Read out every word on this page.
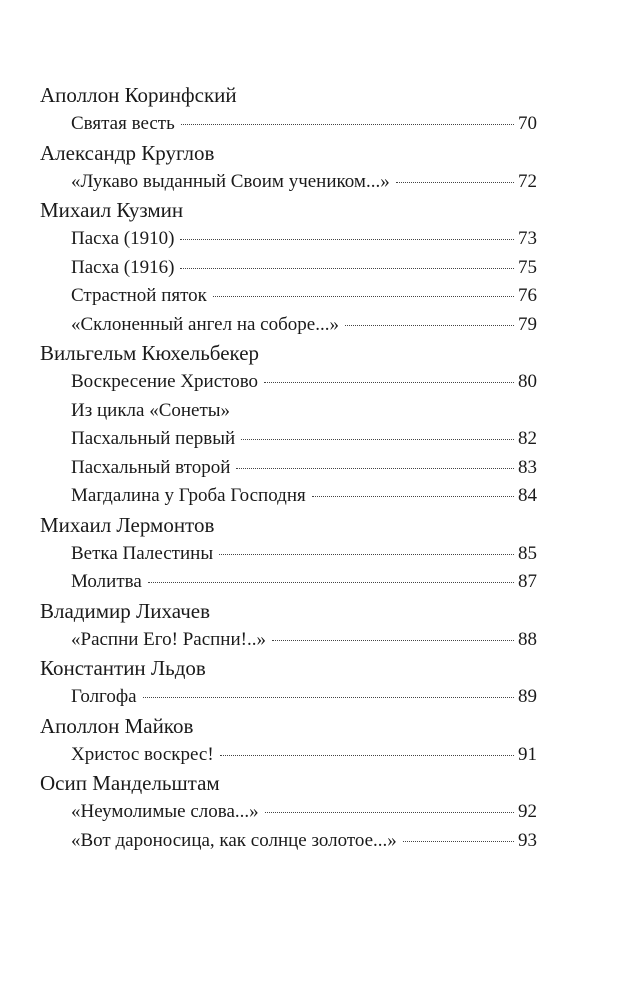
Аполлон Коринфский
Святая весть	70
Александр Круглов
«Лукаво выданный Своим учеником...»	72
Михаил Кузмин
Пасха (1910)	73
Пасха (1916)	75
Страстной пяток	76
«Склоненный ангел на соборе...»	79
Вильгельм Кюхельбекер
Воскресение Христово	80
Из цикла «Сонеты»
Пасхальный первый	82
Пасхальный второй	83
Магдалина у Гроба Господня	84
Михаил Лермонтов
Ветка Палестины	85
Молитва	87
Владимир Лихачев
«Распни Его! Распни!..»	88
Константин Льдов
Голгофа	89
Аполлон Майков
Христос воскрес!	91
Осип Мандельштам
«Неумолимые слова...»	92
«Вот дароносица, как солнце золотое...»	93
